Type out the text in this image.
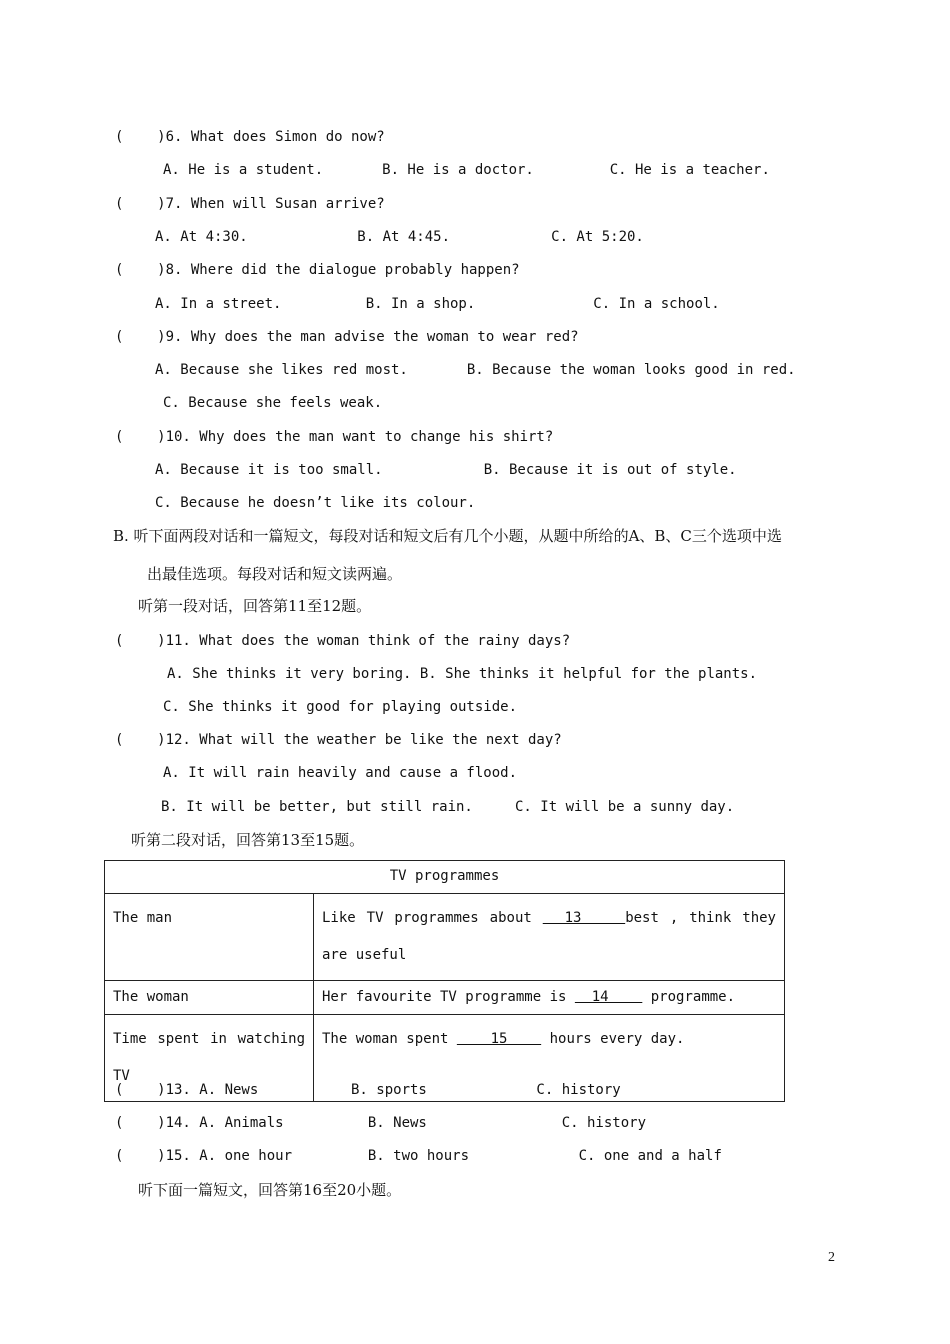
(    )6. What does Simon do now?
A. He is a student.       B. He is a doctor.         C. He is a teacher.
(    )7. When will Susan arrive?
A. At 4:30.             B. At 4:45.            C. At 5:20.
(    )8. Where did the dialogue probably happen?
A. In a street.          B. In a shop.              C. In a school.
(    )9. Why does the man advise the woman to wear red?
A. Because she likes red most.       B. Because the woman looks good in red.
C. Because she feels weak.
(    )10. Why does the man want to change his shirt?
A. Because it is too small.            B. Because it is out of style.
C. Because he doesn’t like its colour.
B. 听下面两段对话和一篇短文，每段对话和短文后有几个小题，从题中所给的A、B、C三个选项中选
出最佳选项。每段对话和短文读两遍。
听第一段对话，回答第11至12题。
(    )11. What does the woman think of the rainy days?
A. She thinks it very boring. B. She thinks it helpful for the plants.
C. She thinks it good for playing outside.
(    )12. What will the weather be like the next day?
A. It will rain heavily and cause a flood.
B. It will be better, but still rain.     C. It will be a sunny day.
听第二段对话，回答第13至15题。
TV programmes	
The man	Like TV programmes about   13    best , think they are useful
The woman	Her favourite TV programme is   14     programme.
Time spent in watching TV	The woman spent     15     hours every day.
(    )13. A. News           B. sports             C. history
(    )14. A. Animals          B. News                C. history
(    )15. A. one hour         B. two hours             C. one and a half
听下面一篇短文，回答第16至20小题。
2
